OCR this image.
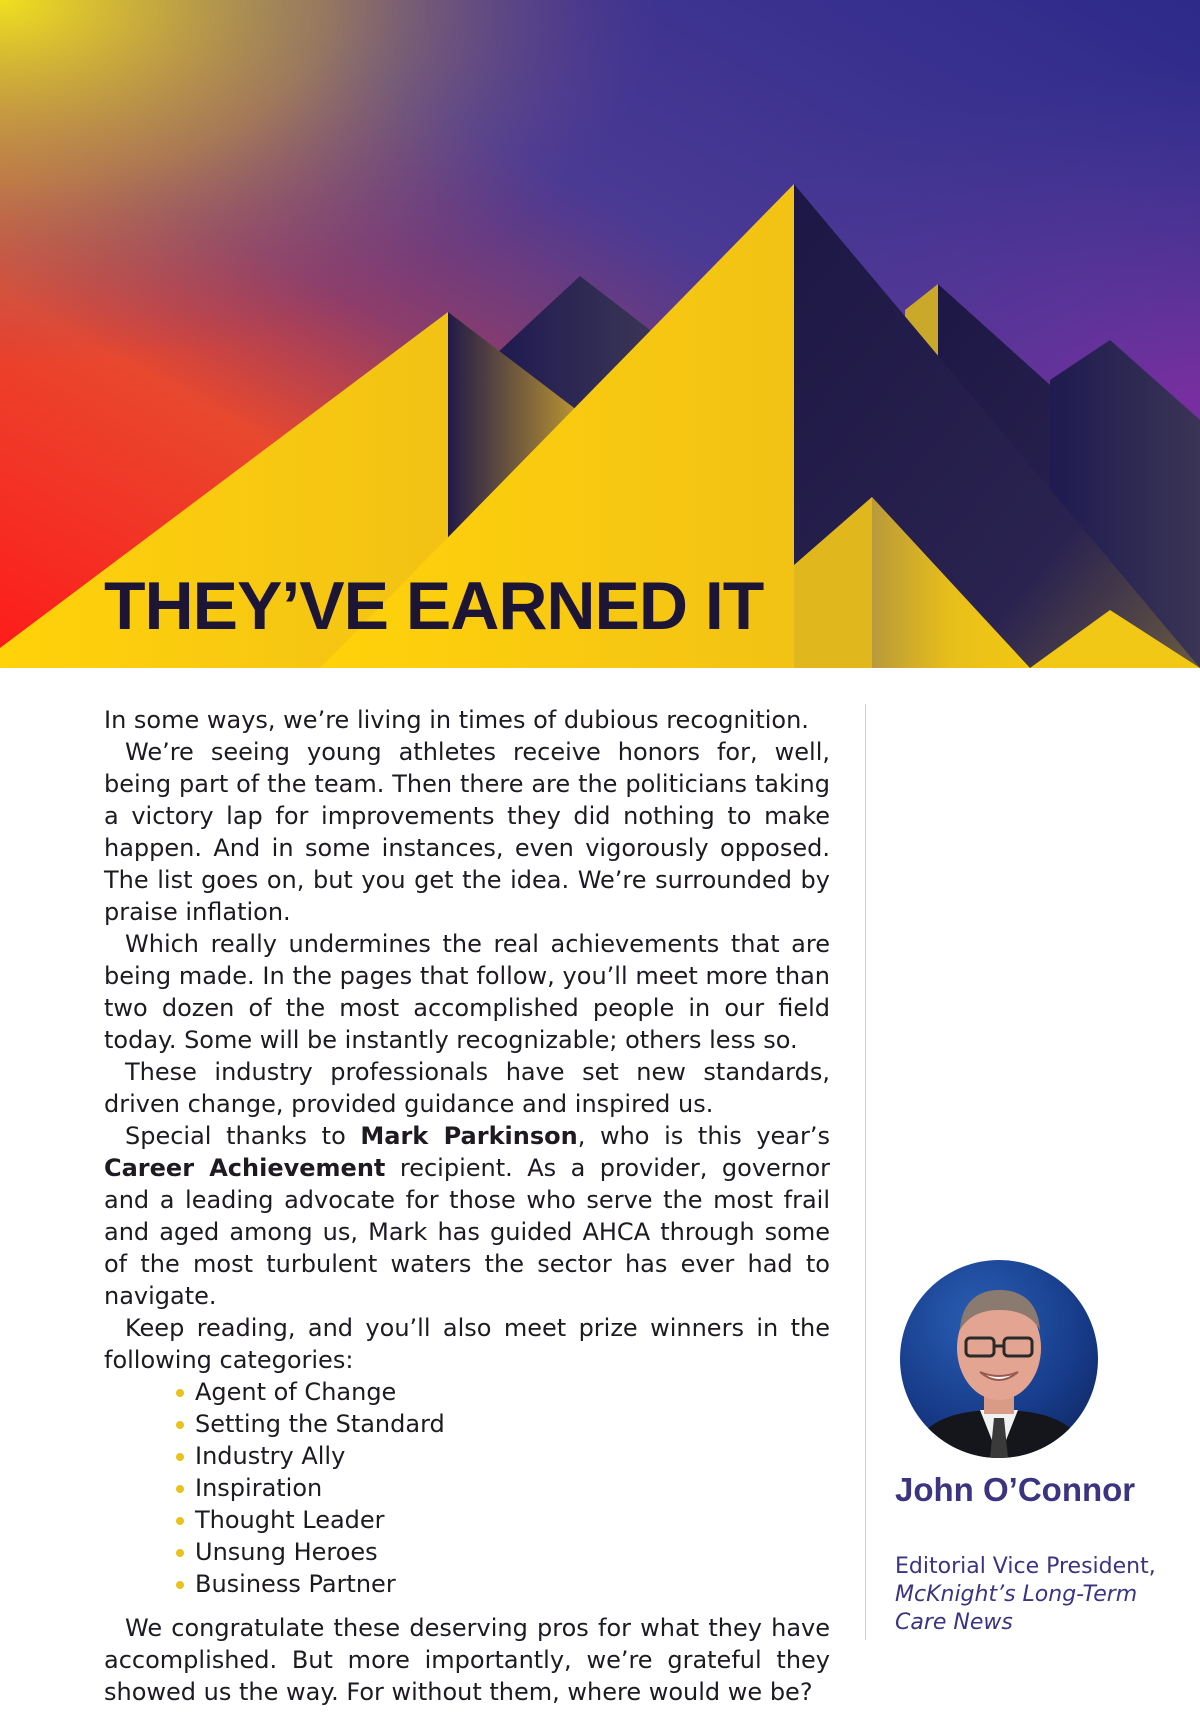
THEY’VE EARNED IT

In some ways, we’re living in times of dubious recognition.

We’re seeing young athletes receive honors for, well, being part of the team. Then there are the politicians taking a victory lap for improvements they did nothing to make happen. And in some instances, even vigorously opposed. The list goes on, but you get the idea. We’re surrounded by praise inflation.

Which really undermines the real achievements that are being made. In the pages that follow, you’ll meet more than two dozen of the most accomplished people in our field today. Some will be instantly recognizable; others less so.

These industry professionals have set new standards, driven change, provided guidance and inspired us.

Special thanks to Mark Parkinson, who is this year’s Career Achievement recipient. As a provider, governor and a leading advocate for those who serve the most frail and aged among us, Mark has guided AHCA through some of the most turbulent waters the sector has ever had to navigate.

Keep reading, and you’ll also meet prize winners in the following categories:

Agent of Change
Setting the Standard
Industry Ally
Inspiration
Thought Leader
Unsung Heroes
Business Partner

We congratulate these deserving pros for what they have accomplished. But more importantly, we’re grateful they showed us the way. For without them, where would we be?

John O’Connor
Editorial Vice President, McKnight’s Long-Term Care News
